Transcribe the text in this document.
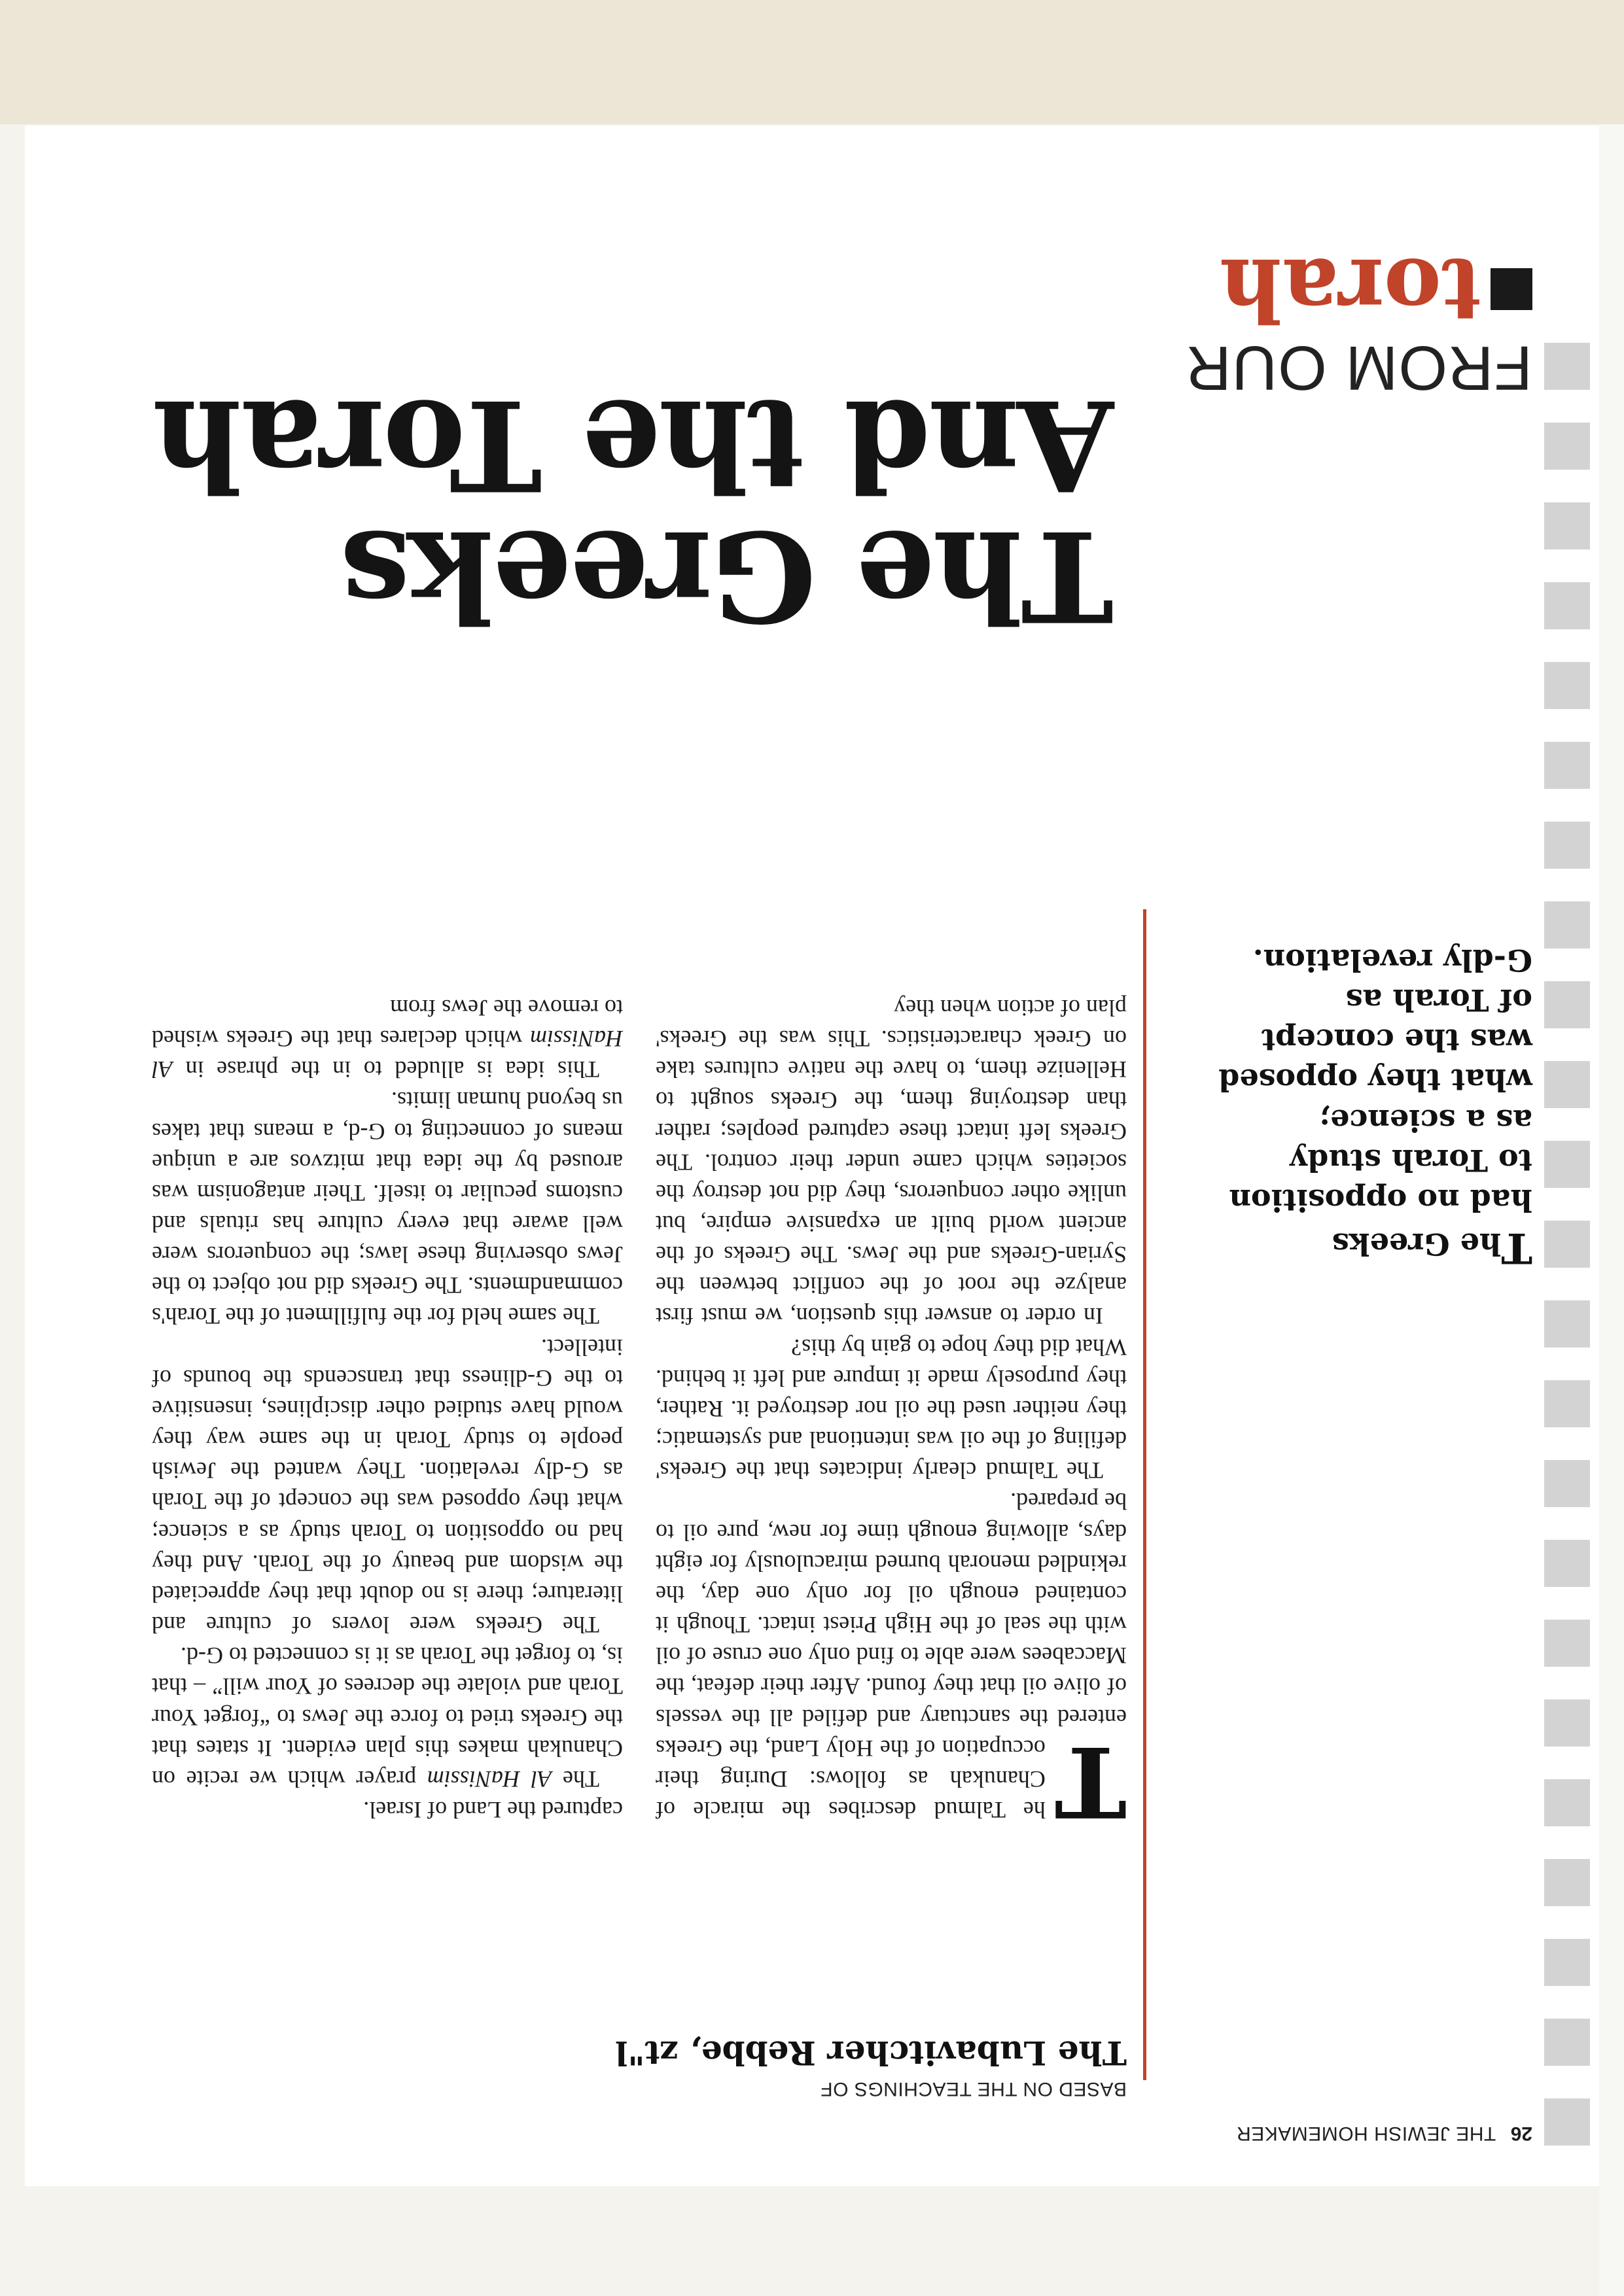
26 THE JEWISH HOMEMAKER
FROM OUR
torah
The Greeks
And the Torah
The Greeks
had no opposition
to Torah study
as a science;
what they opposed
was the concept
of Torah as
G-dly revelation.
BASED ON THE TEACHINGS OF
The Lubavitcher Rebbe, zt"l

T
he Talmud describes the miracle of Chanukah as follows: During their occupation of the Holy Land, the Greeks entered the sanctuary and defiled all the vessels of olive oil that they found. After their defeat, the Maccabees were able to find only one cruse of oil with the seal of the High Priest intact. Though it contained enough oil for only one day, the rekindled menorah burned miraculously for eight days, allowing enough time for new, pure oil to be prepared.

The Talmud clearly indicates that the Greeks' defiling of the oil was intentional and systematic; they neither used the oil nor destroyed it. Rather, they purposely made it impure and left it behind. What did they hope to gain by this?

In order to answer this question, we must first analyze the root of the conflict between the Syrian-Greeks and the Jews. The Greeks of the ancient world built an expansive empire, but unlike other conquerors, they did not destroy the societies which came under their control. The Greeks left intact these captured peoples; rather than destroying them, the Greeks sought to Hellenize them, to have the native cultures take on Greek characteristics. This was the Greeks' plan of action when they

captured the Land of Israel.

The Al HaNissim prayer which we recite on Chanukah makes this plan evident. It states that the Greeks tried to force the Jews to “forget Your Torah and violate the decrees of Your will” – that is, to forget the Torah as it is connected to G-d.

The Greeks were lovers of culture and literature; there is no doubt that they appreciated the wisdom and beauty of the Torah. And they had no opposition to Torah study as a science; what they opposed was the concept of the Torah as G-dly revelation. They wanted the Jewish people to study Torah in the same way they would have studied other disciplines, insensitive to the G-dliness that transcends the bounds of intellect.

The same held for the fulfillment of the Torah's commandments. The Greeks did not object to the Jews observing these laws; the conquerors were well aware that every culture has rituals and customs peculiar to itself. Their antagonism was aroused by the idea that mitzvos are a unique means of connecting to G-d, a means that takes us beyond human limits.

This idea is alluded to in the phrase in Al HaNissim which declares that the Greeks wished to remove the Jews from
